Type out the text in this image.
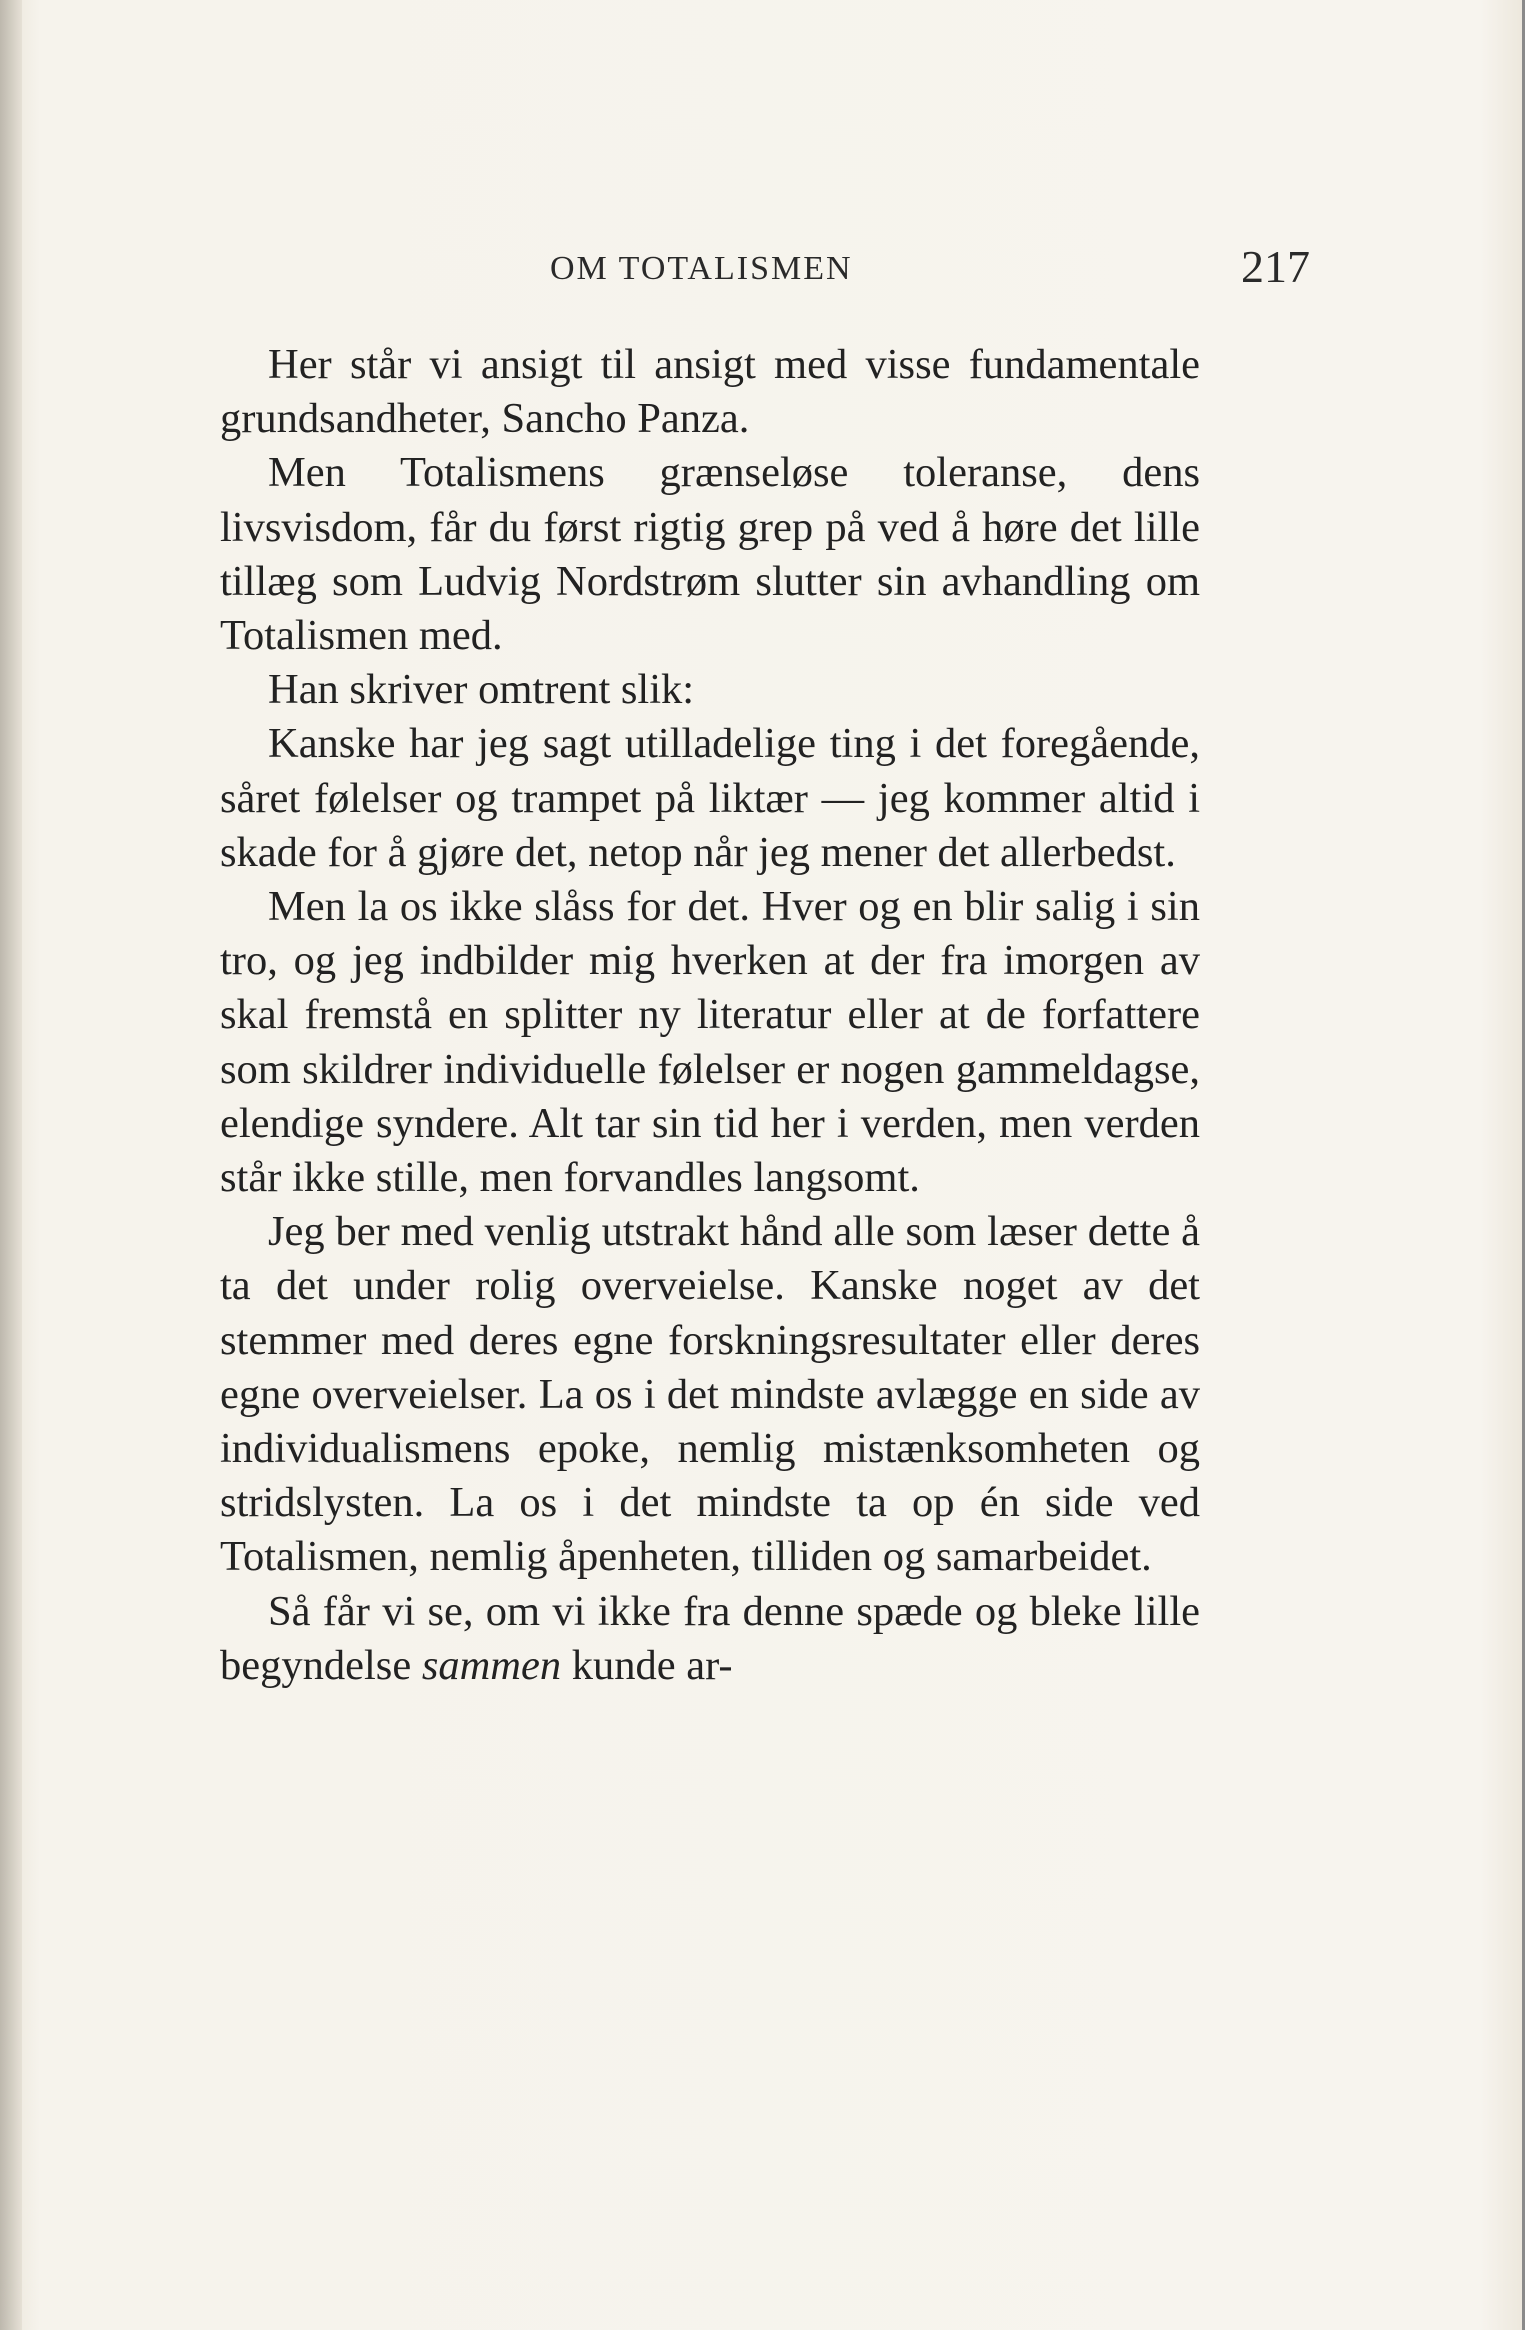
OM TOTALISMEN	217

Her står vi ansigt til ansigt med visse fundamentale grundsandheter, Sancho Panza.

Men Totalismens grænseløse toleranse, dens livsvisdom, får du først rigtig grep på ved å høre det lille tillæg som Ludvig Nordstrøm slutter sin avhandling om Totalismen med.

Han skriver omtrent slik:

Kanske har jeg sagt utilladelige ting i det foregående, såret følelser og trampet på liktær — jeg kommer altid i skade for å gjøre det, netop når jeg mener det allerbedst.

Men la os ikke slåss for det. Hver og en blir salig i sin tro, og jeg indbilder mig hverken at der fra imorgen av skal fremstå en splitter ny literatur eller at de forfattere som skildrer individuelle følelser er nogen gammeldagse, elendige syndere. Alt tar sin tid her i verden, men verden står ikke stille, men forvandles langsomt.

Jeg ber med venlig utstrakt hånd alle som læser dette å ta det under rolig overveielse. Kanske noget av det stemmer med deres egne forskningsresultater eller deres egne overveielser. La os i det mindste avlægge en side av individualismens epoke, nemlig mistænksomheten og stridslysten. La os i det mindste ta op én side ved Totalismen, nemlig åpenheten, tilliden og samarbeidet.

Så får vi se, om vi ikke fra denne spæde og bleke lille begyndelse sammen kunde ar-
